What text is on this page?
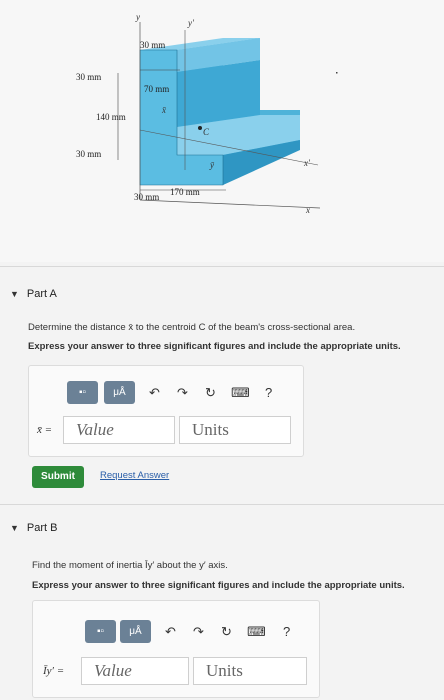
y
y′
x
x′
C
ȳ
x̄
30 mm
70 mm
30 mm
140 mm
30 mm
30 mm 170 mm
▼ Part A
Determine the distance x̄ to the centroid C of the beam's cross-sectional area.
Express your answer to three significant figures and include the appropriate units.
▪▫	μÅ	↶ ↷ ↻ ⌨ ?
x̄ =	Value	Units
Submit	Request Answer
▼ Part B
Find the moment of inertia Īy′ about the y′ axis.
Express your answer to three significant figures and include the appropriate units.
▪▫	μÅ	↶ ↷ ↻ ⌨ ?
Īy′ =	Value	Units
